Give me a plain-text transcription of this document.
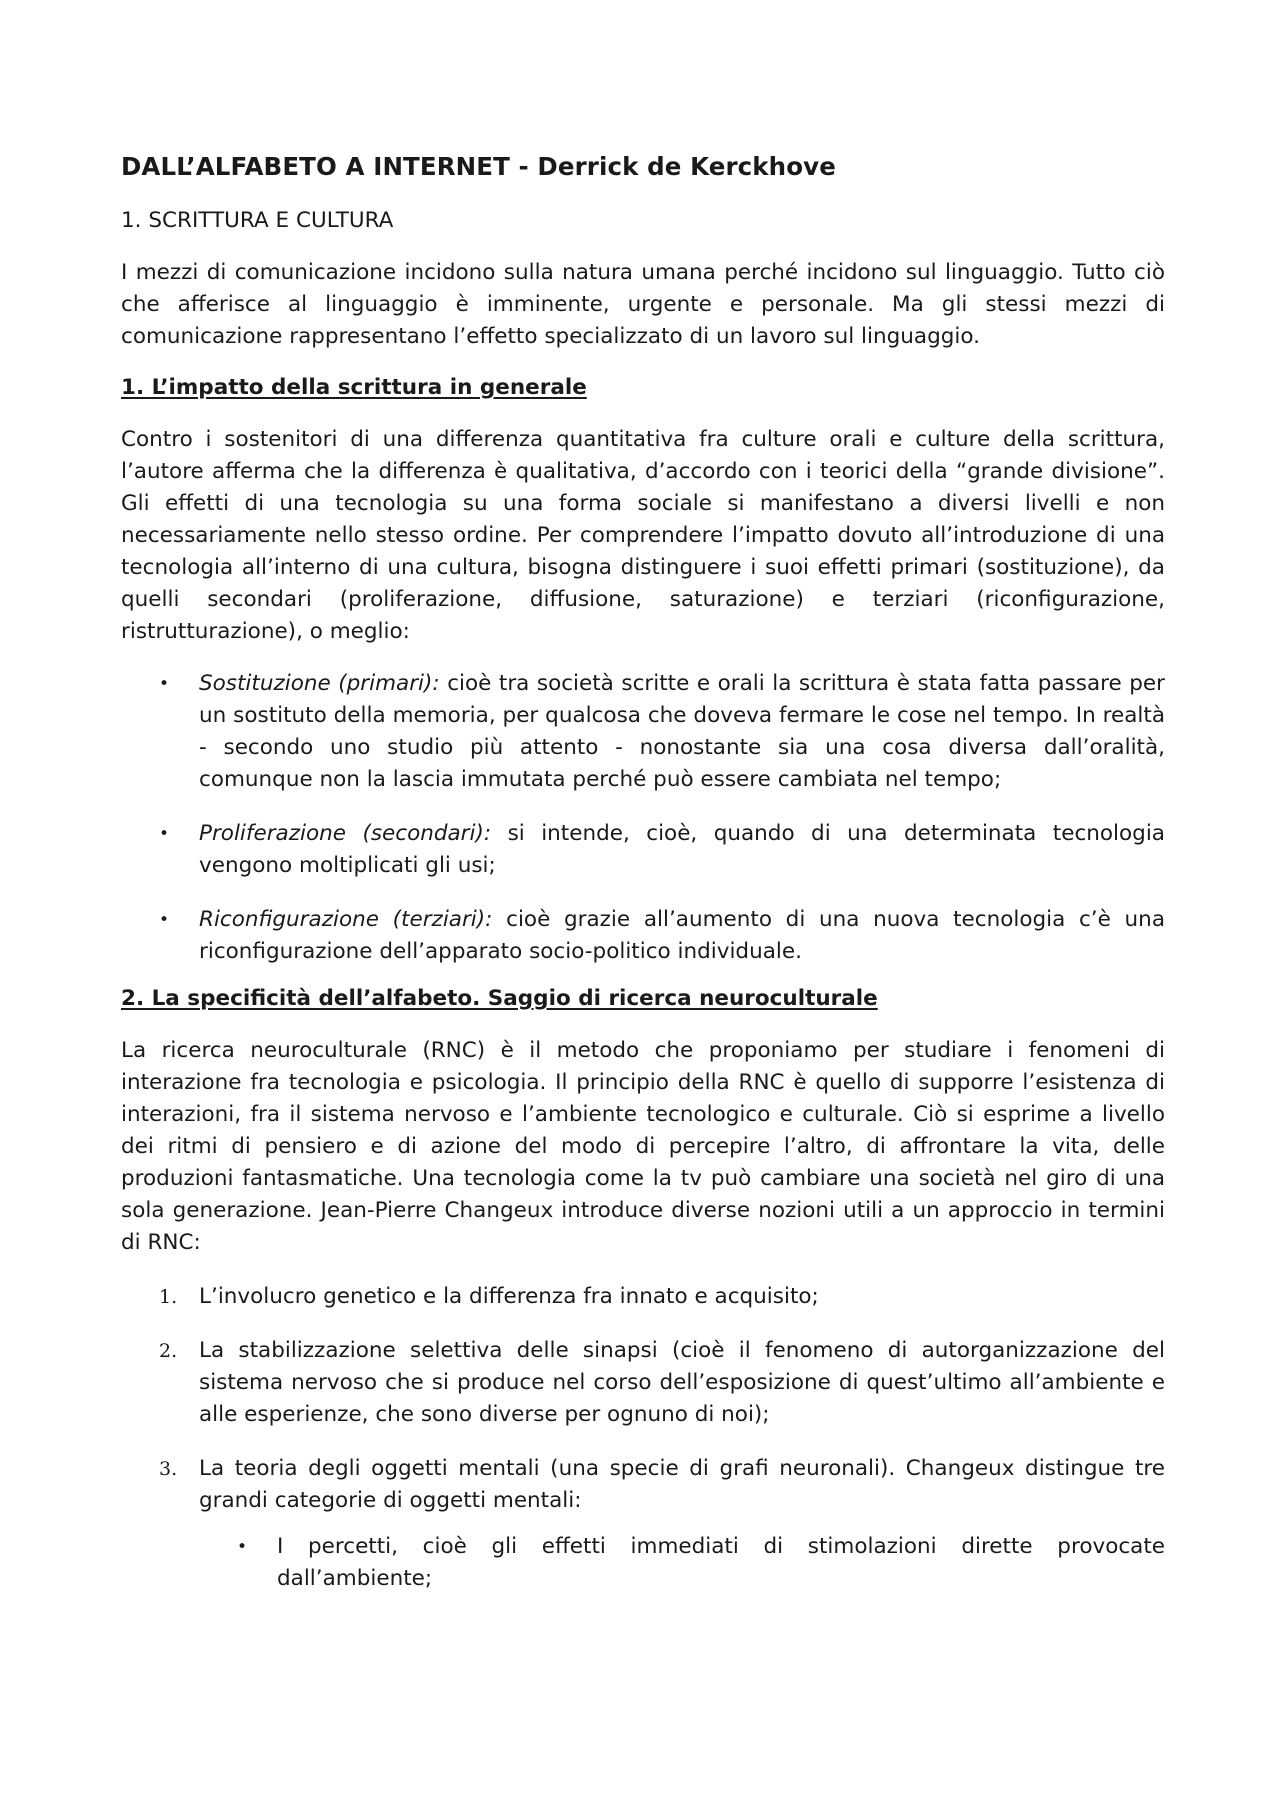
DALL’ALFABETO A INTERNET - Derrick de Kerckhove
1. SCRITTURA E CULTURA

I mezzi di comunicazione incidono sulla natura umana perché incidono sul linguaggio. Tutto ciò che afferisce al linguaggio è imminente, urgente e personale. Ma gli stessi mezzi di comunicazione rappresentano l’effetto specializzato di un lavoro sul linguaggio.

1. L’impatto della scrittura in generale

Contro i sostenitori di una differenza quantitativa fra culture orali e culture della scrittura, l’autore afferma che la differenza è qualitativa, d’accordo con i teorici della “grande divisione”. Gli effetti di una tecnologia su una forma sociale si manifestano a diversi livelli e non necessariamente nello stesso ordine. Per comprendere l’impatto dovuto all’introduzione di una tecnologia all’interno di una cultura, bisogna distinguere i suoi effetti primari (sostituzione), da quelli secondari (proliferazione, diffusione, saturazione) e terziari (riconfigurazione, ristrutturazione), o meglio:

• Sostituzione (primari): cioè tra società scritte e orali la scrittura è stata fatta passare per un sostituto della memoria, per qualcosa che doveva fermare le cose nel tempo. In realtà - secondo uno studio più attento - nonostante sia una cosa diversa dall’oralità, comunque non la lascia immutata perché può essere cambiata nel tempo;
• Proliferazione (secondari): si intende, cioè, quando di una determinata tecnologia vengono moltiplicati gli usi;
• Riconfigurazione (terziari): cioè grazie all’aumento di una nuova tecnologia c’è una riconfigurazione dell’apparato socio-politico individuale.
2. La specificità dell’alfabeto. Saggio di ricerca neuroculturale

La ricerca neuroculturale (RNC) è il metodo che proponiamo per studiare i fenomeni di interazione fra tecnologia e psicologia. Il principio della RNC è quello di supporre l’esistenza di interazioni, fra il sistema nervoso e l’ambiente tecnologico e culturale. Ciò si esprime a livello dei ritmi di pensiero e di azione del modo di percepire l’altro, di affrontare la vita, delle produzioni fantasmatiche. Una tecnologia come la tv può cambiare una società nel giro di una sola generazione. Jean-Pierre Changeux introduce diverse nozioni utili a un approccio in termini di RNC:

1. L’involucro genetico e la differenza fra innato e acquisito;
2. La stabilizzazione selettiva delle sinapsi (cioè il fenomeno di autorganizzazione del sistema nervoso che si produce nel corso dell’esposizione di quest’ultimo all’ambiente e alle esperienze, che sono diverse per ognuno di noi);
3. La teoria degli oggetti mentali (una specie di grafi neuronali). Changeux distingue tre grandi categorie di oggetti mentali:
• I percetti, cioè gli effetti immediati di stimolazioni dirette provocate dall’ambiente;
